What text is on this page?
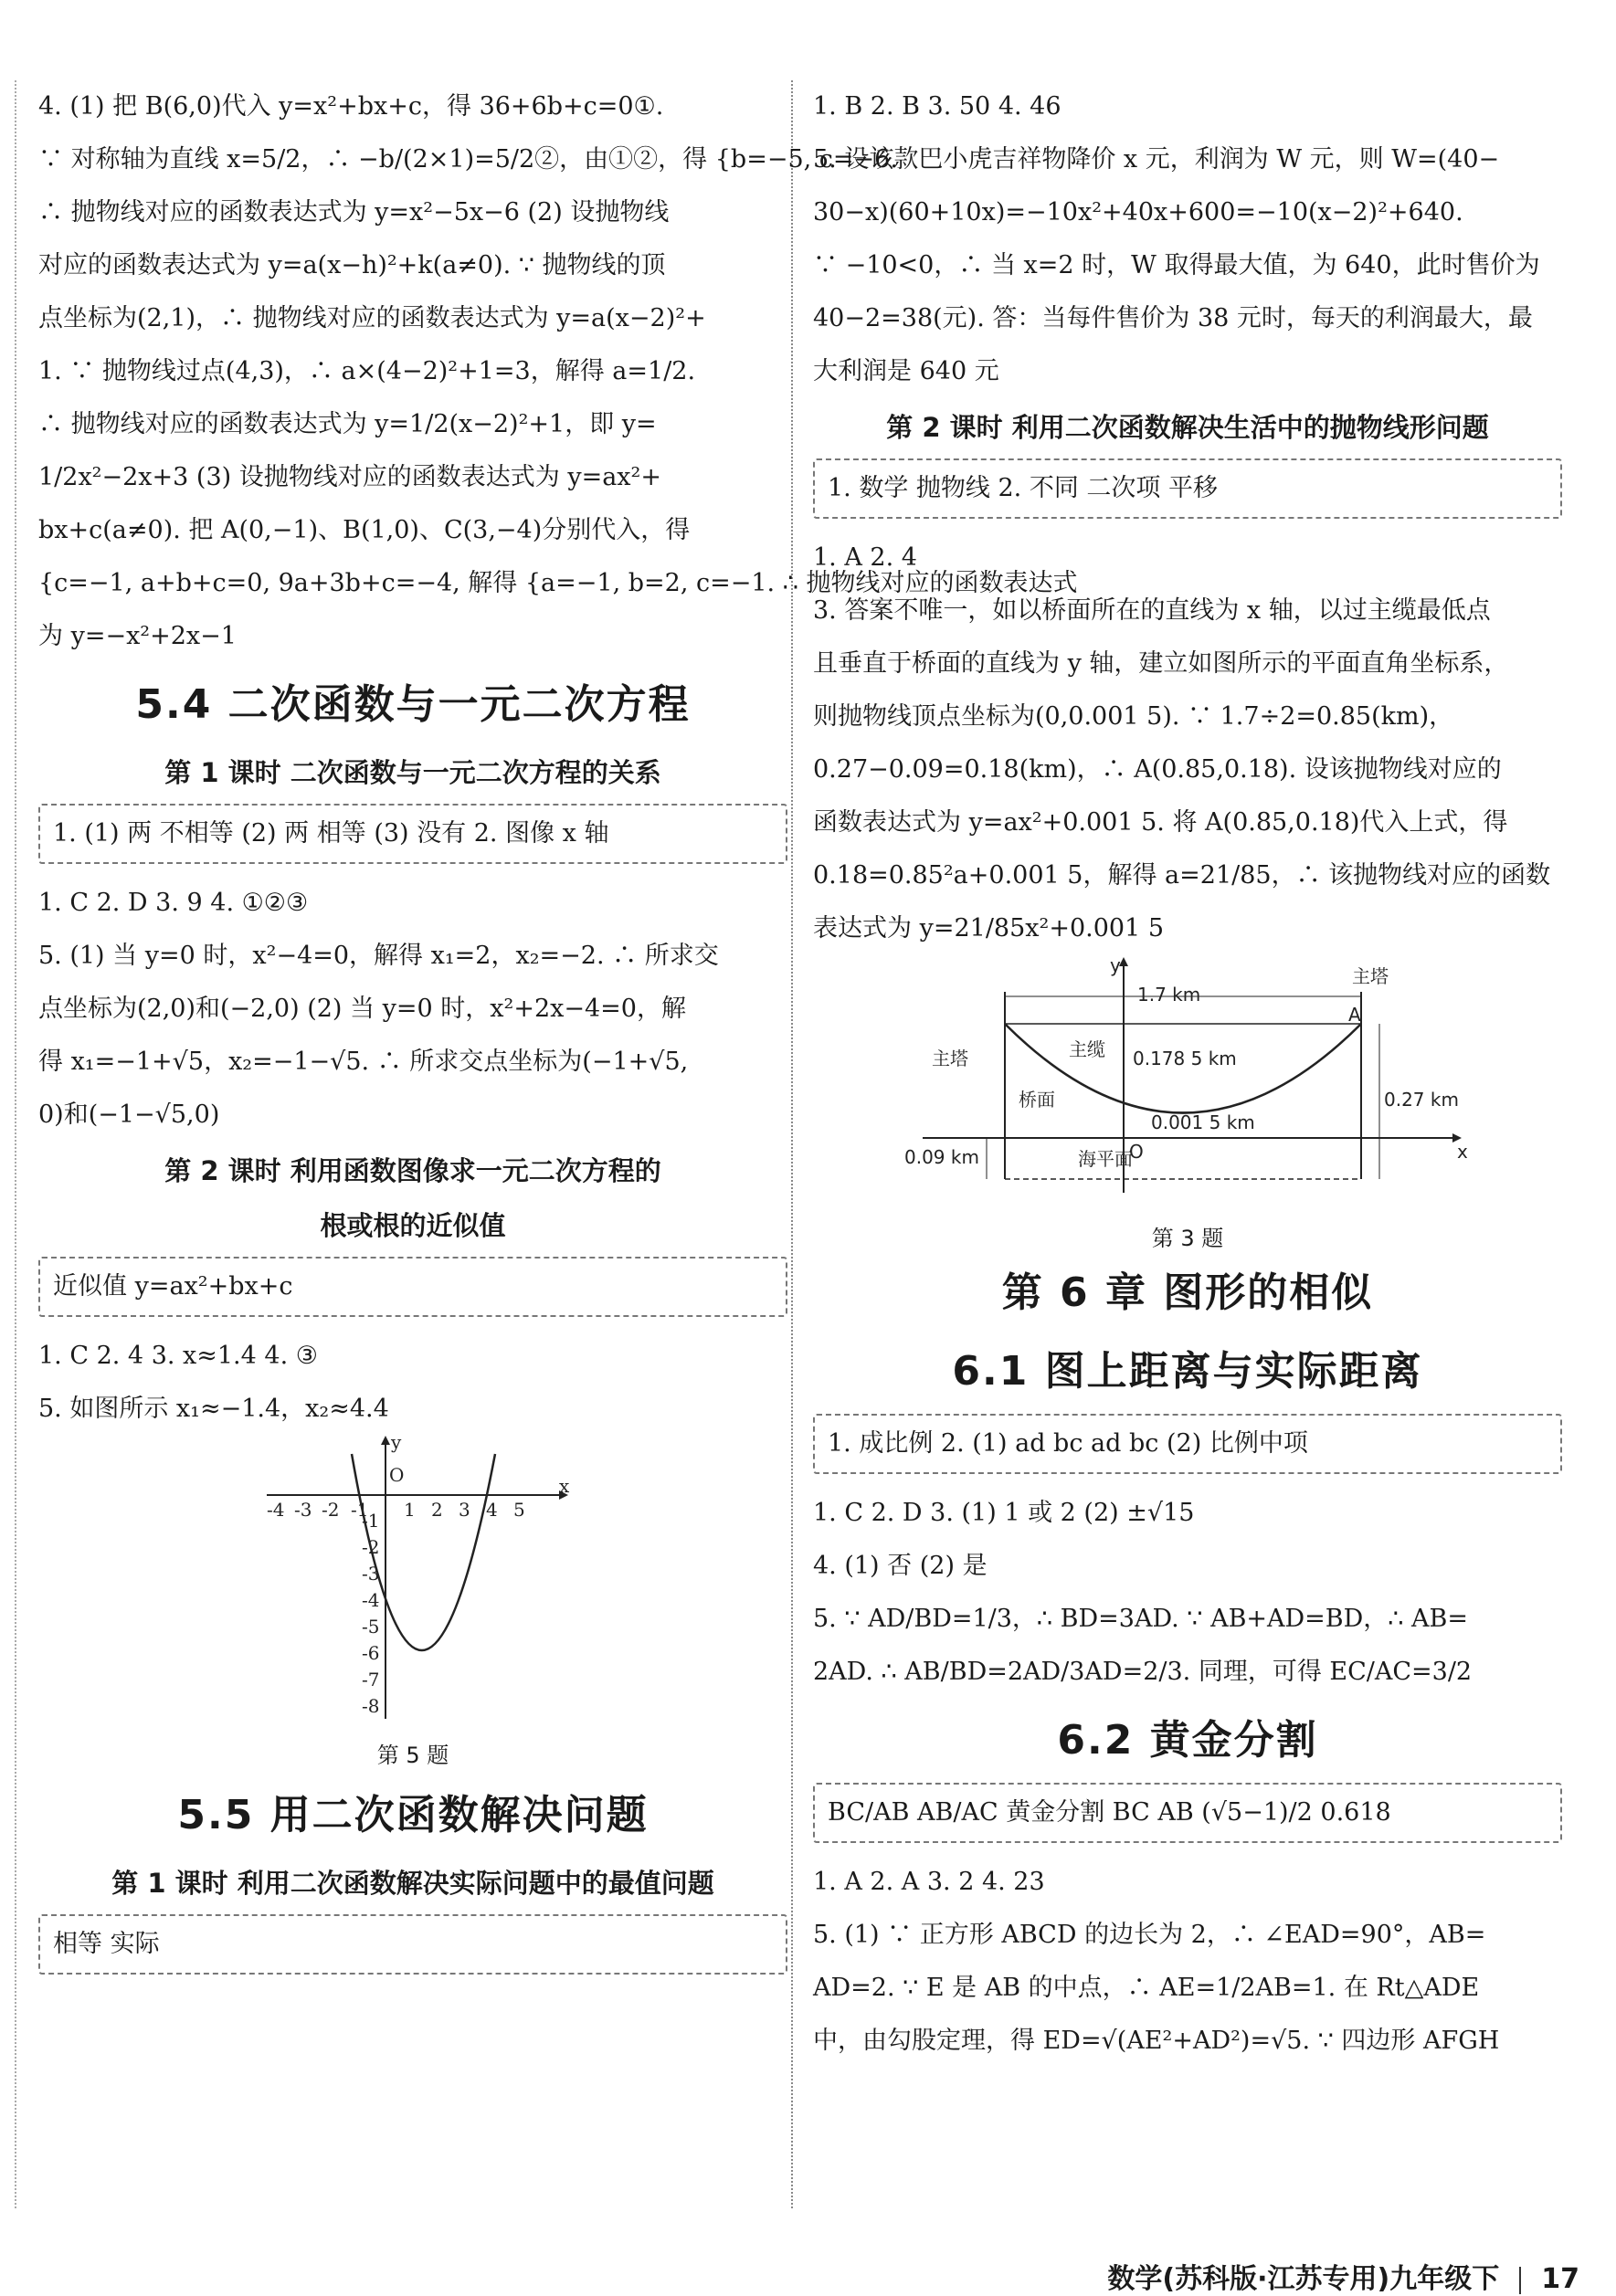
4. (1) 把 B(6,0)代入 y=x²+bx+c，得 36+6b+c=0①.

∵ 对称轴为直线 x=5/2，∴ −b/(2×1)=5/2②，由①②，得 {b=−5, c=−6.

∴ 抛物线对应的函数表达式为 y=x²−5x−6 (2) 设抛物线

对应的函数表达式为 y=a(x−h)²+k(a≠0). ∵ 抛物线的顶

点坐标为(2,1)，∴ 抛物线对应的函数表达式为 y=a(x−2)²+

1. ∵ 抛物线过点(4,3)，∴ a×(4−2)²+1=3，解得 a=1/2.

∴ 抛物线对应的函数表达式为 y=1/2(x−2)²+1，即 y=

1/2x²−2x+3 (3) 设抛物线对应的函数表达式为 y=ax²+

bx+c(a≠0). 把 A(0,−1)、B(1,0)、C(3,−4)分别代入，得

{c=−1, a+b+c=0, 9a+3b+c=−4, 解得 {a=−1, b=2, c=−1. ∴ 抛物线对应的函数表达式

为 y=−x²+2x−1

5.4 二次函数与一元二次方程
第 1 课时 二次函数与一元二次方程的关系
1. (1) 两 不相等 (2) 两 相等 (3) 没有 2. 图像 x 轴

1. C 2. D 3. 9 4. ①②③

5. (1) 当 y=0 时，x²−4=0，解得 x₁=2，x₂=−2. ∴ 所求交

点坐标为(2,0)和(−2,0) (2) 当 y=0 时，x²+2x−4=0，解

得 x₁=−1+√5，x₂=−1−√5. ∴ 所求交点坐标为(−1+√5,

0)和(−1−√5,0)

第 2 课时 利用函数图像求一元二次方程的
根或根的近似值
近似值 y=ax²+bx+c

1. C 2. 4 3. x≈1.4 4. ③

5. 如图所示 x₁≈−1.4，x₂≈4.4

x
y
O
-4 -3 -2 -1 1 2 3 4 5
-1
-2
-3
-4
-5
-6
-7
-8

第 5 题

5.5 用二次函数解决问题
第 1 课时 利用二次函数解决实际问题中的最值问题
相等 实际

1. B 2. B 3. 50 4. 46

5. 设该款巴小虎吉祥物降价 x 元，利润为 W 元，则 W=(40−

30−x)(60+10x)=−10x²+40x+600=−10(x−2)²+640.

∵ −10<0，∴ 当 x=2 时，W 取得最大值，为 640，此时售价为

40−2=38(元). 答：当每件售价为 38 元时，每天的利润最大，最

大利润是 640 元

第 2 课时 利用二次函数解决生活中的抛物线形问题
1. 数学 抛物线 2. 不同 二次项 平移

1. A 2. 4

3. 答案不唯一，如以桥面所在的直线为 x 轴，以过主缆最低点

且垂直于桥面的直线为 y 轴，建立如图所示的平面直角坐标系，

则抛物线顶点坐标为(0,0.001 5). ∵ 1.7÷2=0.85(km)，

0.27−0.09=0.18(km)，∴ A(0.85,0.18). 设该抛物线对应的

函数表达式为 y=ax²+0.001 5. 将 A(0.85,0.18)代入上式，得

0.18=0.85²a+0.001 5，解得 a=21/85，∴ 该抛物线对应的函数

表达式为 y=21/85x²+0.001 5

1.7 km
主塔
主塔
主缆
桥面
海平面
0.178 5 km
0.001 5 km
0.27 km
0.09 km
A
O	x
y

第 3 题

第 6 章 图形的相似
6.1 图上距离与实际距离
1. 成比例 2. (1) ad bc ad bc (2) 比例中项

1. C 2. D 3. (1) 1 或 2 (2) ±√15

4. (1) 否 (2) 是

5. ∵ AD/BD=1/3，∴ BD=3AD. ∵ AB+AD=BD，∴ AB=

2AD. ∴ AB/BD=2AD/3AD=2/3. 同理，可得 EC/AC=3/2

6.2 黄金分割
BC/AB AB/AC 黄金分割 BC AB (√5−1)/2 0.618

1. A 2. A 3. 2 4. 23

5. (1) ∵ 正方形 ABCD 的边长为 2，∴ ∠EAD=90°，AB=

AD=2. ∵ E 是 AB 的中点，∴ AE=1/2AB=1. 在 Rt△ADE

中，由勾股定理，得 ED=√(AE²+AD²)=√5. ∵ 四边形 AFGH

数学(苏科版·江苏专用)九年级下 17
